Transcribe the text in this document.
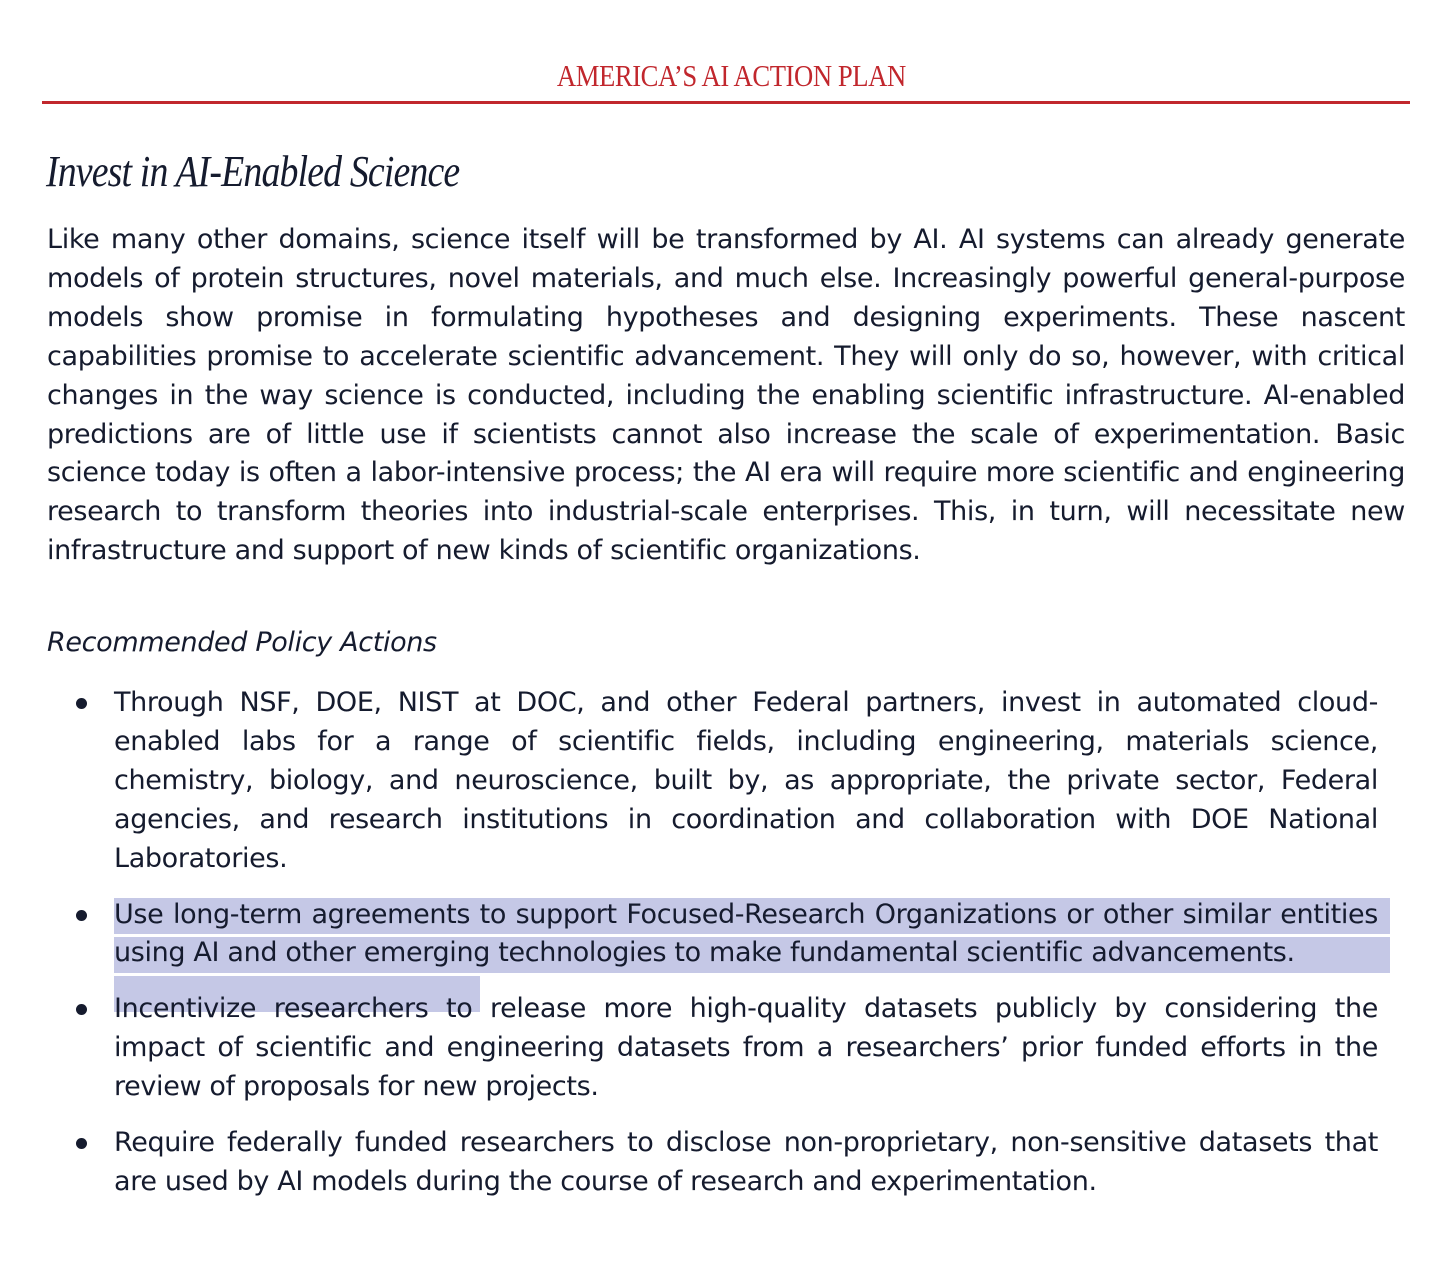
AMERICA’S AI ACTION PLAN
Invest in AI-Enabled Science

Like many other domains, science itself will be transformed by AI. AI systems can already generate models of protein structures, novel materials, and much else. Increasingly powerful general-purpose models show promise in formulating hypotheses and designing experiments. These nascent capabilities promise to accelerate scientific advancement. They will only do so, however, with critical changes in the way science is conducted, including the enabling scientific infrastructure. AI-enabled predictions are of little use if scientists cannot also increase the scale of experimentation. Basic science today is often a labor-intensive process; the AI era will require more scientific and engineering research to transform theories into industrial-scale enterprises. This, in turn, will necessitate new infrastructure and support of new kinds of scientific organizations.

Recommended Policy Actions

Through NSF, DOE, NIST at DOC, and other Federal partners, invest in automated cloud-enabled labs for a range of scientific fields, including engineering, materials science, chemistry, biology, and neuroscience, built by, as appropriate, the private sector, Federal agencies, and research institutions in coordination and collaboration with DOE National Laboratories.

Use long-term agreements to support Focused-Research Organizations or other similar entities using AI and other emerging technologies to make fundamental scientific advancements.

Incentivize researchers to release more high-quality datasets publicly by considering the impact of scientific and engineering datasets from a researchers’ prior funded efforts in the review of proposals for new projects.

Require federally funded researchers to disclose non-proprietary, non-sensitive datasets that are used by AI models during the course of research and experimentation.
